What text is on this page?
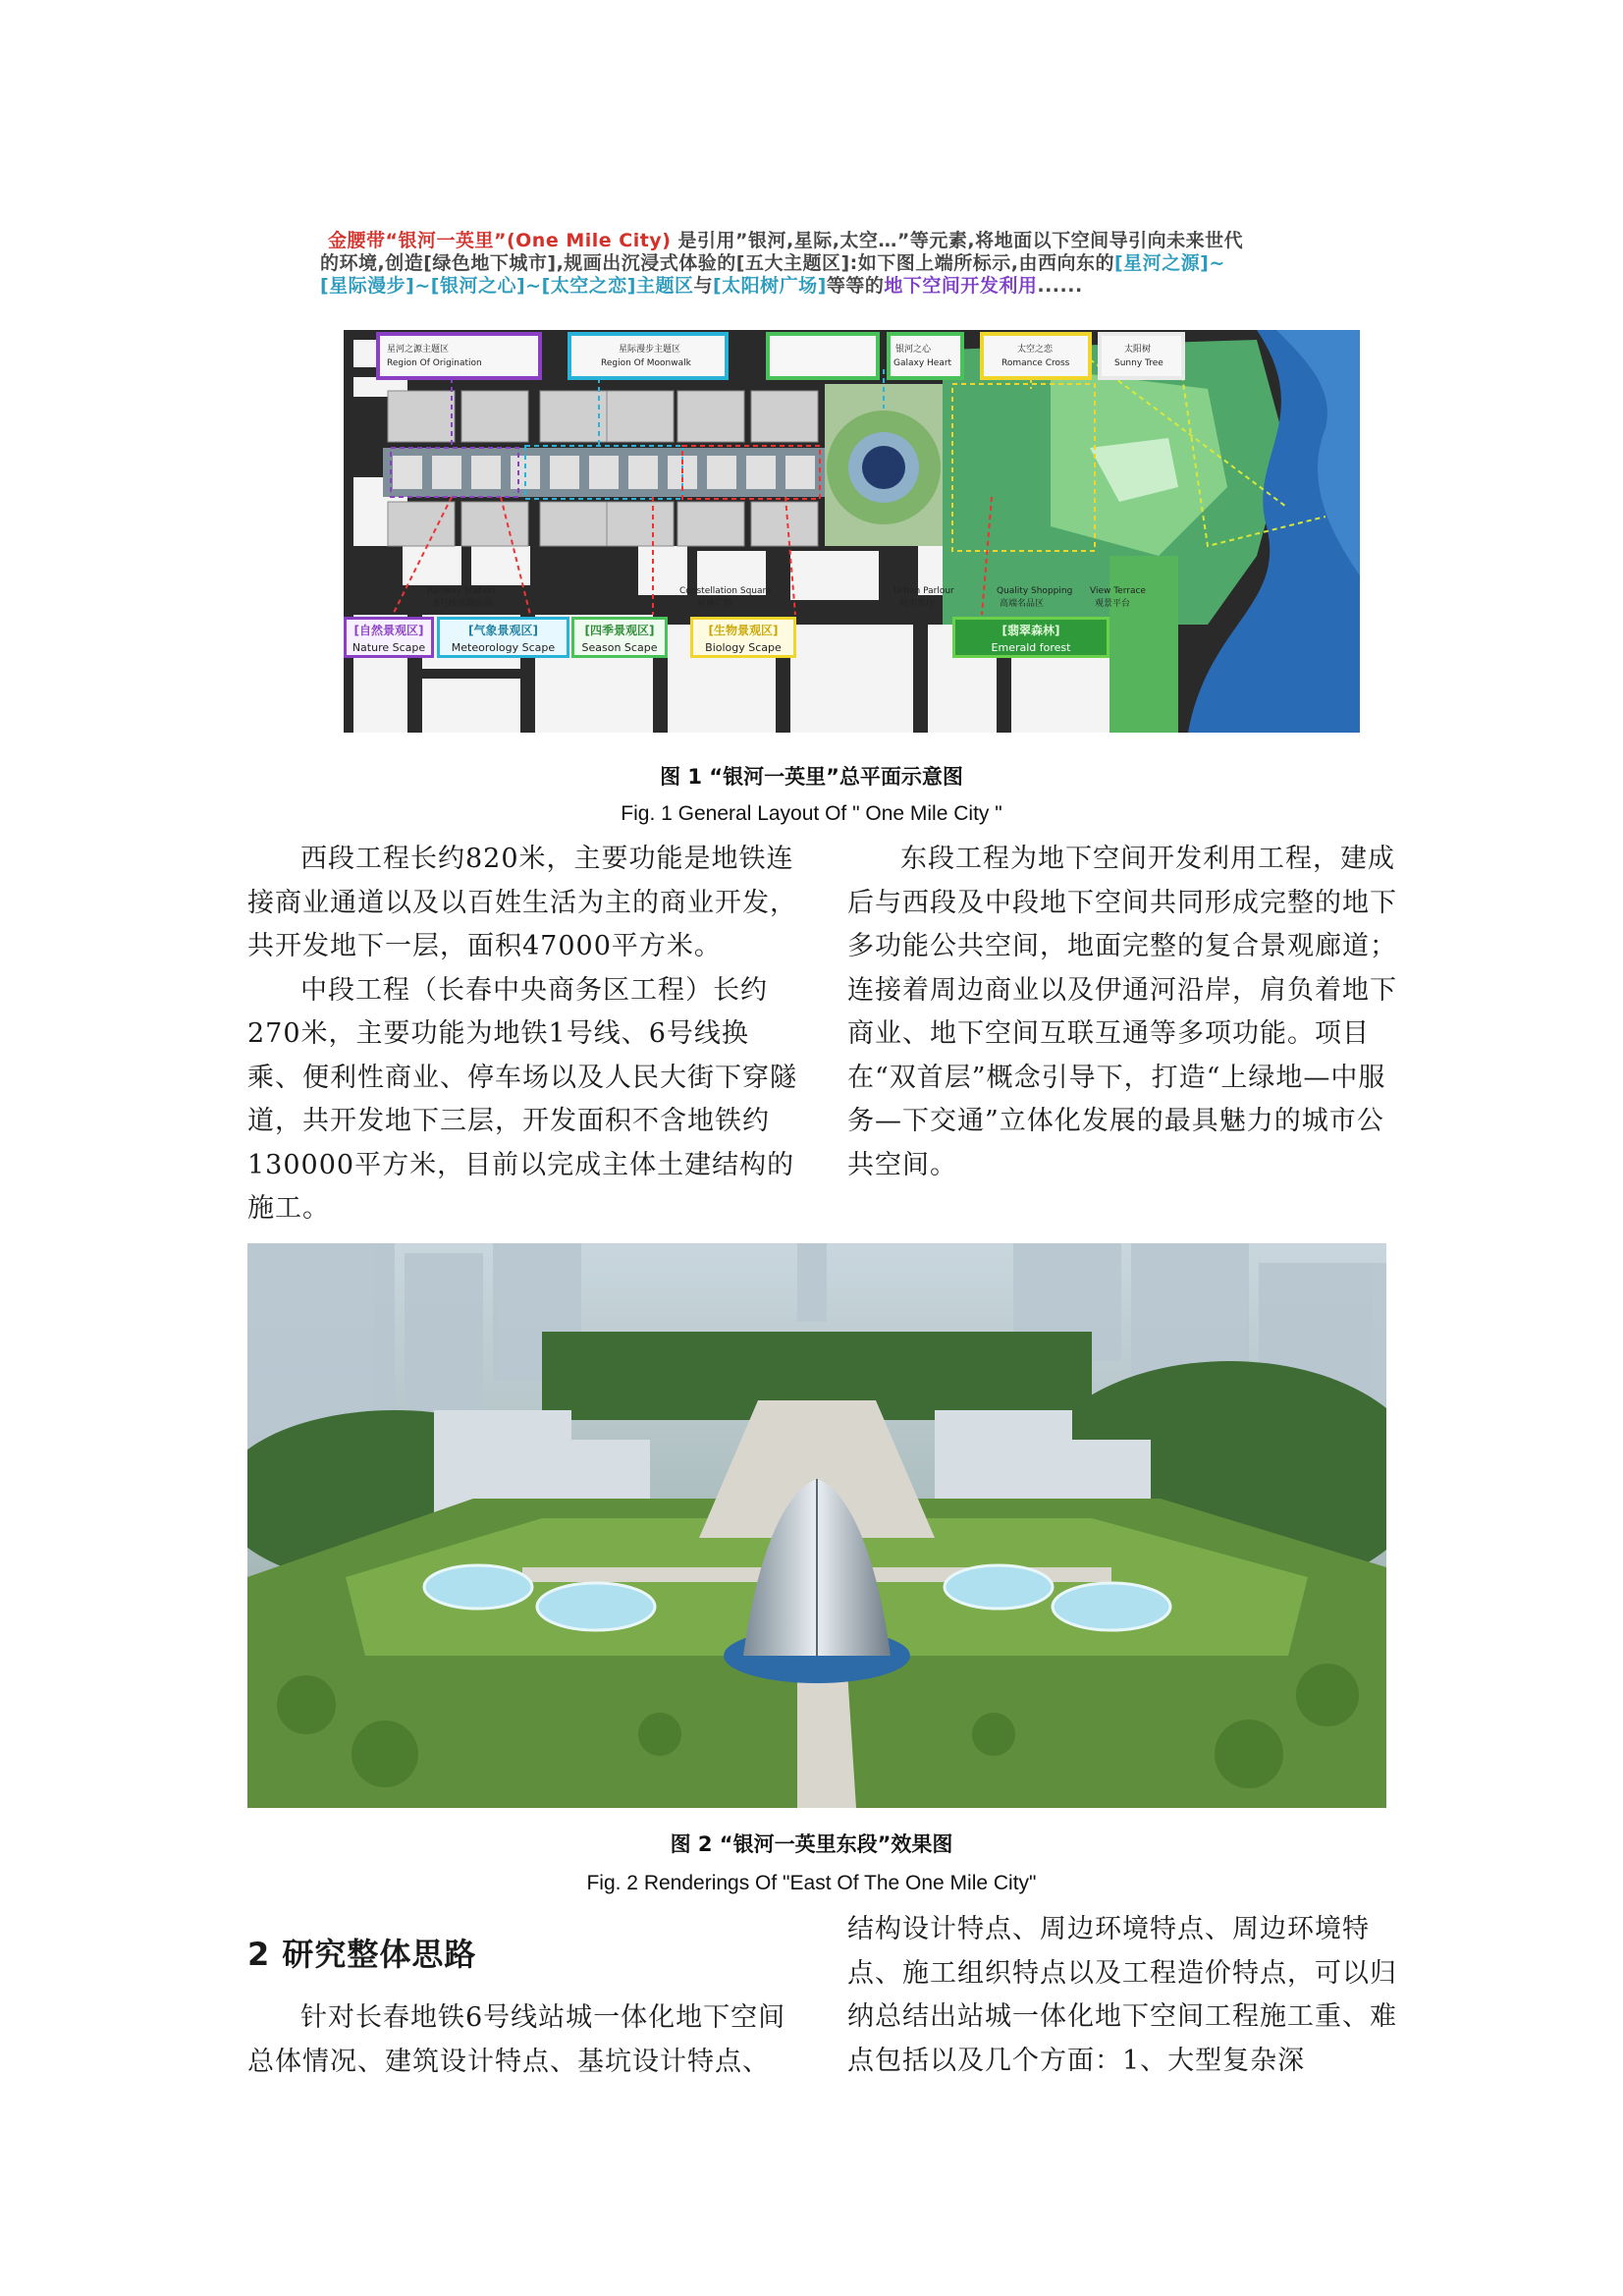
金腰带“银河一英里”(One Mile City) 是引用”银河,星际,太空…”等元素,将地面以下空间导引向未来世代
的环境,创造[绿色地下城市],规画出沉浸式体验的[五大主题区]:如下图上端所标示,由西向东的[星河之源]~
[星际漫步]~[银河之心]~[太空之恋]主题区与[太阳树广场]等等的地下空间开发利用......
星河之源主题区
Region Of Origination
星际漫步主题区
Region Of Moonwalk
银河之心
Galaxy Heart
太空之恋
Romance Cross
太阳树
Sunny Tree
Railway Station
6号线南端站场
Constellation Square
星座广场
Urban Parlour
城市客厅
Quality Shopping
高端名品区
View Terrace
观景平台
[自然景观区]
Nature Scape
[气象景观区]
Meteorology Scape
[四季景观区]
Season Scape
[生物景观区]
Biology Scape
[翡翠森林]
Emerald forest
图 1 “银河一英里”总平面示意图
Fig. 1 General Layout Of " One Mile City "

西段工程长约820米，主要功能是地铁连接商业通道以及以百姓生活为主的商业开发，共开发地下一层，面积47000平方米。

中段工程（长春中央商务区工程）长约270米，主要功能为地铁1号线、6号线换乘、便利性商业、停车场以及人民大街下穿隧道，共开发地下三层，开发面积不含地铁约130000平方米，目前以完成主体土建结构的施工。

东段工程为地下空间开发利用工程，建成后与西段及中段地下空间共同形成完整的地下多功能公共空间，地面完整的复合景观廊道；连接着周边商业以及伊通河沿岸，肩负着地下商业、地下空间互联互通等多项功能。项目在“双首层”概念引导下，打造“上绿地—中服务—下交通”立体化发展的最具魅力的城市公共空间。

图 2 “银河一英里东段”效果图
Fig. 2 Renderings Of "East Of The One Mile City"
2 研究整体思路

针对长春地铁6号线站城一体化地下空间总体情况、建筑设计特点、基坑设计特点、

结构设计特点、周边环境特点、周边环境特点、施工组织特点以及工程造价特点，可以归纳总结出站城一体化地下空间工程施工重、难点包括以及几个方面：1、大型复杂深
